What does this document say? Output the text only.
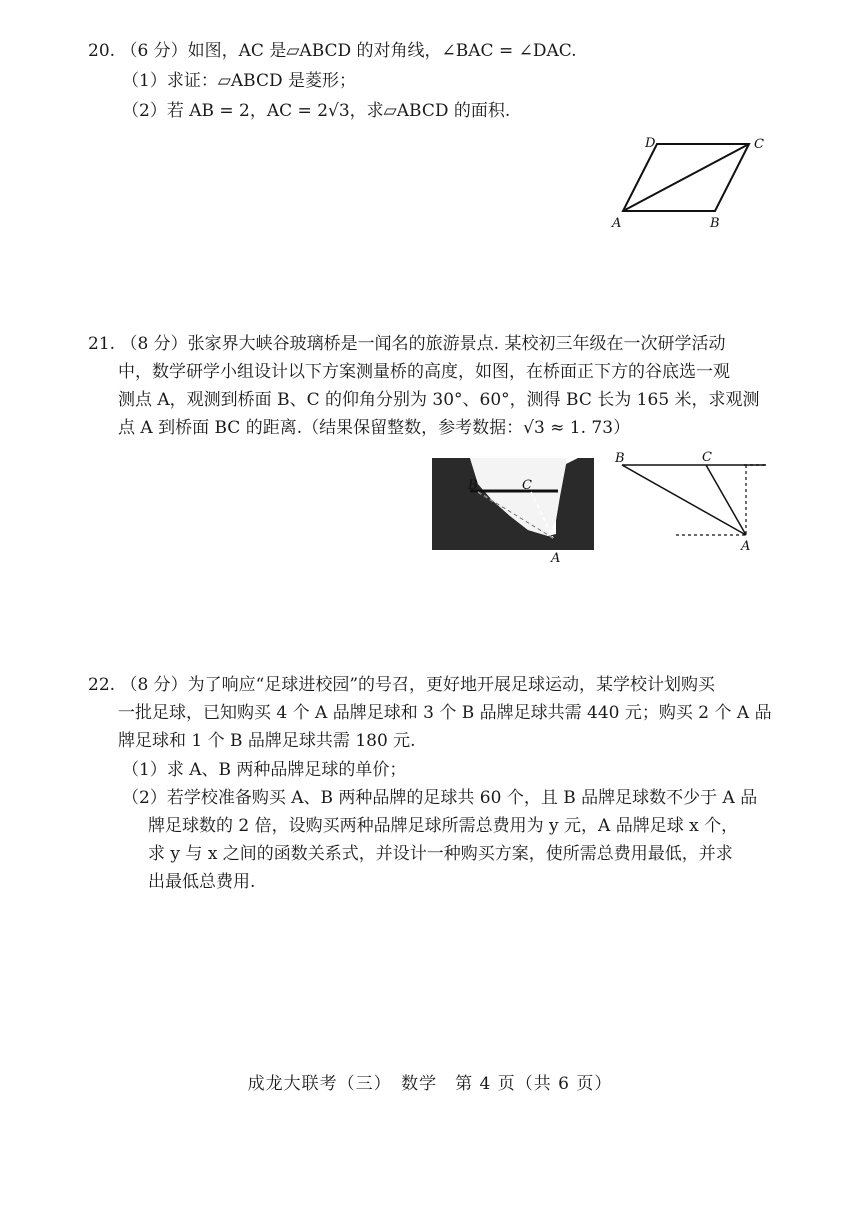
20. （6 分）如图，AC 是▱ABCD 的对角线，∠BAC = ∠DAC.
（1）求证：▱ABCD 是菱形；
（2）若 AB = 2，AC = 2√3，求▱ABCD 的面积.
D	C
A	B
21. （8 分）张家界大峡谷玻璃桥是一闻名的旅游景点. 某校初三年级在一次研学活动
中，数学研学小组设计以下方案测量桥的高度，如图，在桥面正下方的谷底选一观
测点 A，观测到桥面 B、C 的仰角分别为 30°、60°，测得 BC 长为 165 米，求观测
点 A 到桥面 BC 的距离.（结果保留整数，参考数据：√3 ≈ 1. 73）
B	C
A
B	C
A
22. （8 分）为了响应“足球进校园”的号召，更好地开展足球运动，某学校计划购买
一批足球，已知购买 4 个 A 品牌足球和 3 个 B 品牌足球共需 440 元；购买 2 个 A 品
牌足球和 1 个 B 品牌足球共需 180 元.
（1）求 A、B 两种品牌足球的单价；
（2）若学校准备购买 A、B 两种品牌的足球共 60 个，且 B 品牌足球数不少于 A 品
牌足球数的 2 倍，设购买两种品牌足球所需总费用为 y 元，A 品牌足球 x 个，
求 y 与 x 之间的函数关系式，并设计一种购买方案，使所需总费用最低，并求
出最低总费用.
成龙大联考（三）　数学　第 4 页（共 6 页）
